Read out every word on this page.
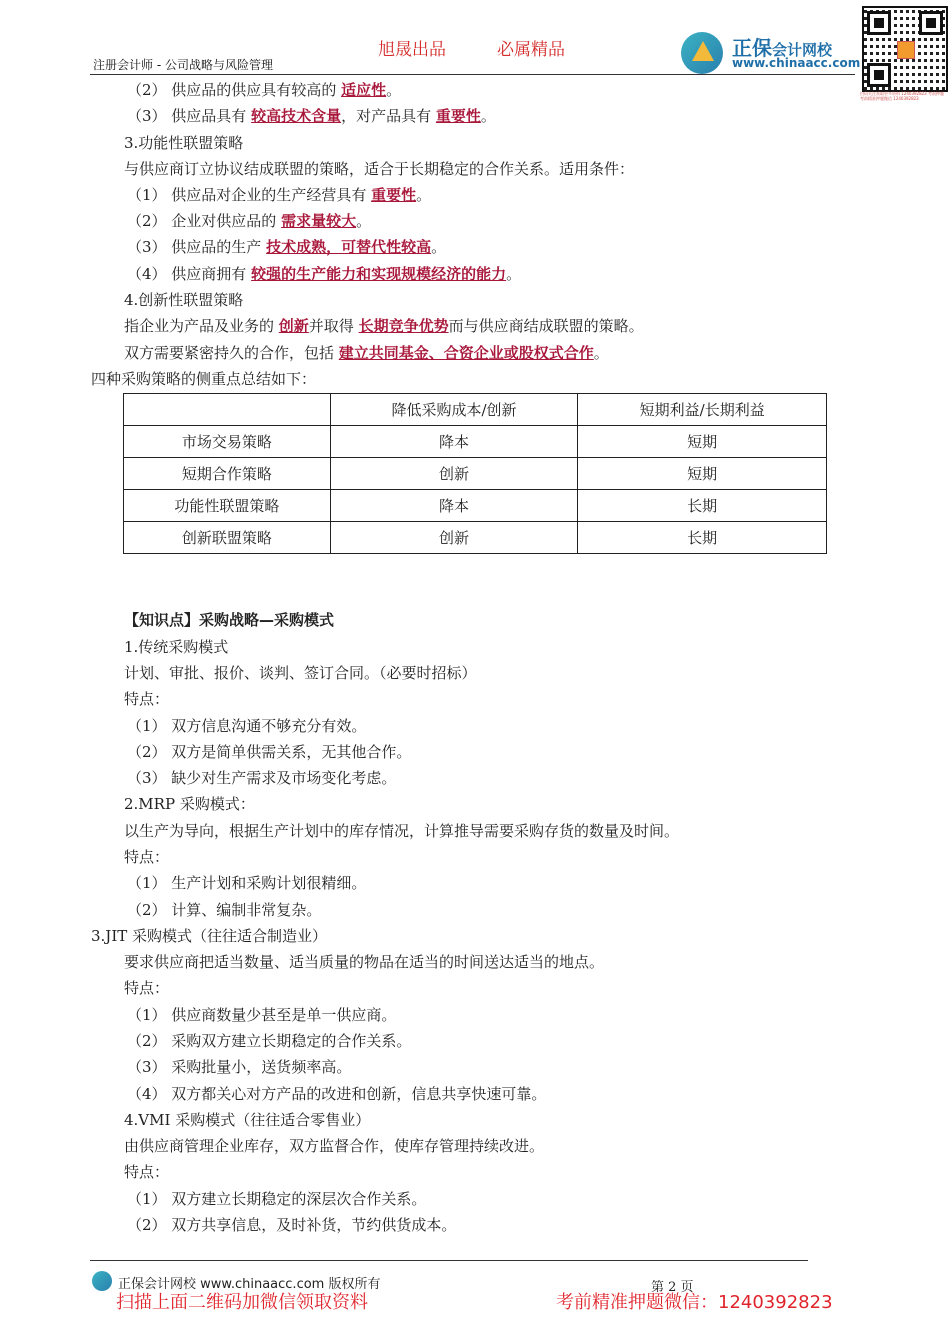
旭晟出品	必属精品
注册会计师 - 公司战略与风险管理
正保会计网校
www.chinaacc.com
扫码关注获取更多资料 1240392823 考前押题 考前精准押题微信 1240392823
（2） 供应品的供应具有较高的 适应性。
（3） 供应品具有 较高技术含量，对产品具有 重要性。
3.功能性联盟策略
与供应商订立协议结成联盟的策略，适合于长期稳定的合作关系。适用条件：
（1） 供应品对企业的生产经营具有 重要性。
（2） 企业对供应品的 需求量较大。
（3） 供应品的生产 技术成熟，可替代性较高。
（4） 供应商拥有 较强的生产能力和实现规模经济的能力。
4.创新性联盟策略
指企业为产品及业务的 创新并取得 长期竞争优势而与供应商结成联盟的策略。
双方需要紧密持久的合作，包括 建立共同基金、合资企业或股权式合作。
四种采购策略的侧重点总结如下：
	降低采购成本/创新	短期利益/长期利益
市场交易策略	降本	短期
短期合作策略	创新	短期
功能性联盟策略	降本	长期
创新联盟策略	创新	长期
【知识点】采购战略—采购模式
1.传统采购模式
计划、审批、报价、谈判、签订合同。（必要时招标）
特点：
（1） 双方信息沟通不够充分有效。
（2） 双方是简单供需关系，无其他合作。
（3） 缺少对生产需求及市场变化考虑。
2.MRP 采购模式：
以生产为导向，根据生产计划中的库存情况，计算推导需要采购存货的数量及时间。
特点：
（1） 生产计划和采购计划很精细。
（2） 计算、编制非常复杂。
3.JIT 采购模式（往往适合制造业）
要求供应商把适当数量、适当质量的物品在适当的时间送达适当的地点。
特点：
（1） 供应商数量少甚至是单一供应商。
（2） 采购双方建立长期稳定的合作关系。
（3） 采购批量小，送货频率高。
（4） 双方都关心对方产品的改进和创新，信息共享快速可靠。
4.VMI 采购模式（往往适合零售业）
由供应商管理企业库存，双方监督合作，使库存管理持续改进。
特点：
（1） 双方建立长期稳定的深层次合作关系。
（2） 双方共享信息，及时补货，节约供货成本。
正保会计网校 www.chinaacc.com 版权所有	第 2 页
扫描上面二维码加微信领取资料	考前精准押题微信：1240392823
